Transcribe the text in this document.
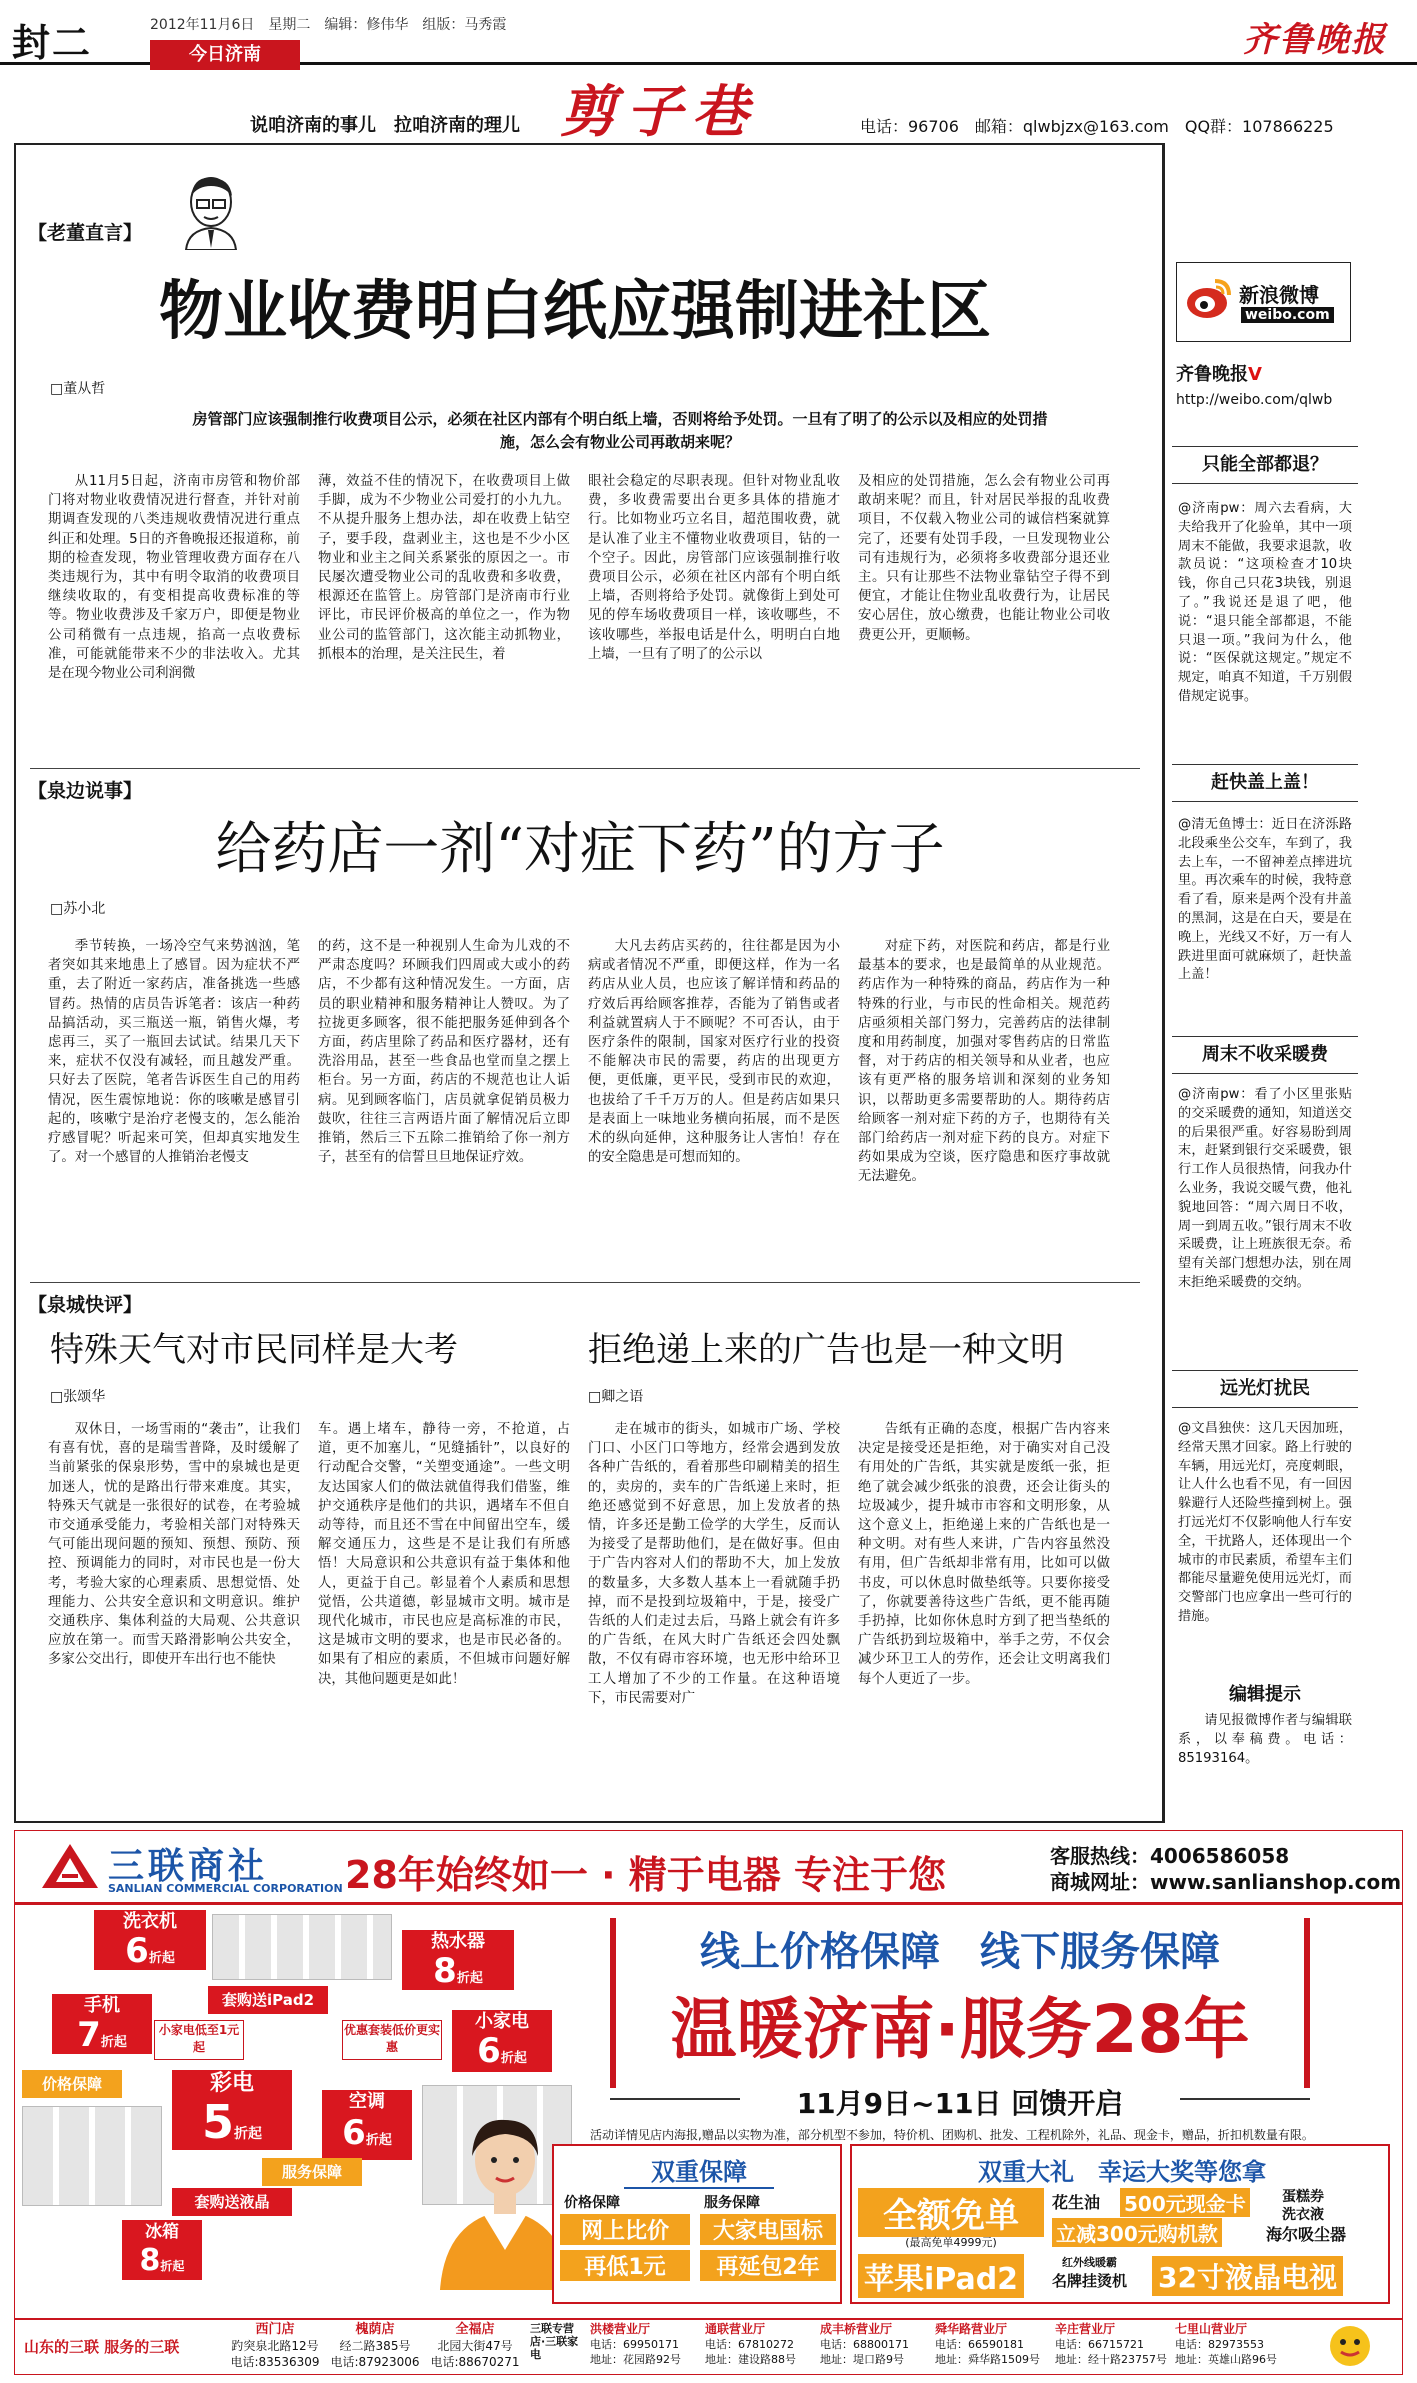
封二	2012年11月6日　星期二　编辑：修伟华　组版：马秀霞
今日济南	齐鲁晚报
说咱济南的事儿　拉咱济南的理儿 剪子巷	电话：96706　邮箱：qlwbjzx@163.com　QQ群：107866225
【老董直言】
物业收费明白纸应强制进社区
□董从哲
房管部门应该强制推行收费项目公示，必须在社区内部有个明白纸上墙，否则将给予处罚。一旦有了明了的公示以及相应的处罚措施，怎么会有物业公司再敢胡来呢？
从11月5日起，济南市房管和物价部门将对物业收费情况进行督查，并针对前期调查发现的八类违规收费情况进行重点纠正和处理。5日的齐鲁晚报还报道称，前期的检查发现，物业管理收费方面存在八类违规行为，其中有明令取消的收费项目继续收取的，有变相提高收费标准的等等。物业收费涉及千家万户，即便是物业公司稍微有一点违规，掐高一点收费标准，可能就能带来不少的非法收入。尤其是在现今物业公司利润微
薄，效益不佳的情况下，在收费项目上做手脚，成为不少物业公司爱打的小九九。不从提升服务上想办法，却在收费上钻空子，要手段，盘剥业主，这也是不少小区物业和业主之间关系紧张的原因之一。市民屡次遭受物业公司的乱收费和多收费，根源还在监管上。房管部门是济南市行业评比，市民评价极高的单位之一，作为物业公司的监管部门，这次能主动抓物业，抓根本的治理，是关注民生，着
眼社会稳定的尽职表现。但针对物业乱收费，多收费需要出台更多具体的措施才行。比如物业巧立名目，超范围收费，就是认准了业主不懂物业收费项目，钻的一个空子。因此，房管部门应该强制推行收费项目公示，必须在社区内部有个明白纸上墙，否则将给予处罚。就像街上到处可见的停车场收费项目一样，该收哪些，不该收哪些，举报电话是什么，明明白白地上墙，一旦有了明了的公示以
及相应的处罚措施，怎么会有物业公司再敢胡来呢？而且，针对居民举报的乱收费项目，不仅载入物业公司的诚信档案就算完了，还要有处罚手段，一旦发现物业公司有违规行为，必须将多收费部分退还业主。只有让那些不法物业靠钻空子得不到便宜，才能让住物业乱收费行为，让居民安心居住，放心缴费，也能让物业公司收费更公开，更顺畅。
【泉边说事】
给药店一剂“对症下药”的方子
□苏小北
季节转换，一场冷空气来势汹汹，笔者突如其来地患上了感冒。因为症状不严重，去了附近一家药店，准备挑选一些感冒药。热情的店员告诉笔者：该店一种药品搞活动，买三瓶送一瓶，销售火爆，考虑再三，买了一瓶回去试试。结果几天下来，症状不仅没有减轻，而且越发严重。只好去了医院，笔者告诉医生自己的用药情况，医生震惊地说：你的咳嗽是感冒引起的，咳嗽宁是治疗老慢支的，怎么能治疗感冒呢？听起来可笑，但却真实地发生了。对一个感冒的人推销治老慢支
的药，这不是一种视别人生命为儿戏的不严肃态度吗？环顾我们四周或大或小的药店，不少都有这种情况发生。一方面，店员的职业精神和服务精神让人赞叹。为了拉拢更多顾客，很不能把服务延伸到各个方面，药店里除了药品和医疗器材，还有洗浴用品，甚至一些食品也堂而皇之摆上柜台。另一方面，药店的不规范也让人诟病。见到顾客临门，店员就拿促销员极力鼓吹，往往三言两语片面了解情况后立即推销，然后三下五除二推销给了你一剂方子，甚至有的信誓旦旦地保证疗效。
大凡去药店买药的，往往都是因为小病或者情况不严重，即便这样，作为一名药店从业人员，也应该了解详情和药品的疗效后再给顾客推荐，否能为了销售或者利益就置病人于不顾呢？不可否认，由于医疗条件的限制，国家对医疗行业的投资不能解决市民的需要，药店的出现更方便，更低廉，更平民，受到市民的欢迎，也拔给了千千万万的人。但是药店如果只是表面上一味地业务横向拓展，而不是医术的纵向延伸，这种服务让人害怕！存在的安全隐患是可想而知的。
对症下药，对医院和药店，都是行业最基本的要求，也是最简单的从业规范。药店作为一种特殊的商品，药店作为一种特殊的行业，与市民的性命相关。规范药店亟须相关部门努力，完善药店的法律制度和用药制度，加强对零售药店的日常监督，对于药店的相关领导和从业者，也应该有更严格的服务培训和深刻的业务知识，以帮助更多需要帮助的人。期待药店给顾客一剂对症下药的方子，也期待有关部门给药店一剂对症下药的良方。对症下药如果成为空谈，医疗隐患和医疗事故就无法避免。
【泉城快评】
特殊天气对市民同样是大考
□张颂华
双休日，一场雪雨的“袭击”，让我们有喜有忧，喜的是瑞雪普降，及时缓解了当前紧张的保泉形势，雪中的泉城也是更加迷人，忧的是路出行带来难度。其实，特殊天气就是一张很好的试卷，在考验城市交通承受能力，考验相关部门对特殊天气可能出现问题的预知、预想、预防、预控、预调能力的同时，对市民也是一份大考，考验大家的心理素质、思想觉悟、处理能力、公共安全意识和文明意识。维护交通秩序、集体利益的大局观、公共意识应放在第一。而雪天路滑影响公共安全，多家公交出行，即使开车出行也不能快
车。遇上堵车，静待一旁，不抢道，占道，更不加塞儿，“见缝插针”，以良好的行动配合交警，“关塑变通途”。一些文明友达国家人们的做法就值得我们借鉴，维护交通秩序是他们的共识，遇堵车不但自动等待，而且还不雪在中间留出空车，缓解交通压力，这些是不是让我们有所感悟！大局意识和公共意识有益于集体和他人，更益于自己。彰显着个人素质和思想觉悟，公共道德，彰显城市文明。城市是现代化城市，市民也应是高标准的市民，这是城市文明的要求，也是市民必备的。如果有了相应的素质，不但城市问题好解决，其他问题更是如此！
拒绝递上来的广告也是一种文明
□卿之语
走在城市的街头，如城市广场、学校门口、小区门口等地方，经常会遇到发放各种广告纸的，看着那些印刷精美的招生的，卖房的，卖车的广告纸递上来时，拒绝还感觉到不好意思，加上发放者的热情，许多还是勤工俭学的大学生，反而认为接受了是帮助他们，是在做好事。但由于广告内容对人们的帮助不大，加上发放的数量多，大多数人基本上一看就随手扔掉，而不是投到垃圾箱中，于是，接受广告纸的人们走过去后，马路上就会有许多的广告纸，在风大时广告纸还会四处飘散，不仅有碍市容环境，也无形中给环卫工人增加了不少的工作量。在这种语境下，市民需要对广
告纸有正确的态度，根据广告内容来决定是接受还是拒绝，对于确实对自己没有用处的广告纸，其实就是废纸一张，拒绝了就会减少纸张的浪费，还会让街头的垃圾减少，提升城市市容和文明形象，从这个意义上，拒绝递上来的广告纸也是一种文明。对有些人来讲，广告内容虽然没有用，但广告纸却非常有用，比如可以做书皮，可以休息时做垫纸等。只要你接受了，你就要善待这些广告纸，更不能再随手扔掉，比如你休息时方到了把当垫纸的广告纸扔到垃圾箱中，举手之劳，不仅会减少环卫工人的劳作，还会让文明离我们每个人更近了一步。
新浪微博
weibo.com
齐鲁晚报V
http://weibo.com/qlwb
只能全部都退？
@济南pw：周六去看病，大夫给我开了化验单，其中一项周末不能做，我要求退款，收款员说：“这项检查才10块钱，你自己只花3块钱，别退了。”我说还是退了吧，他说：“退只能全部都退，不能只退一项。”我问为什么，他说：“医保就这规定。”规定不规定，咱真不知道，千万别假借规定说事。
赶快盖上盖！
@清无鱼博士：近日在济泺路北段乘坐公交车，车到了，我去上车，一不留神差点摔进坑里。再次乘车的时候，我特意看了看，原来是两个没有井盖的黑洞，这是在白天，要是在晚上，光线又不好，万一有人跌进里面可就麻烦了，赶快盖上盖！
周末不收采暖费
@济南pw：看了小区里张贴的交采暖费的通知，知道送交的后果很严重。好容易盼到周末，赶紧到银行交采暖费，银行工作人员很热情，问我办什么业务，我说交暖气费，他礼貌地回答：“周六周日不收，周一到周五收。”银行周末不收采暖费，让上班族很无奈。希望有关部门想想办法，别在周末拒绝采暖费的交纳。
远光灯扰民
@文昌独侠：这几天因加班，经常天黑才回家。路上行驶的车辆，用远光灯，亮度刺眼，让人什么也看不见，有一回因躲避行人还险些撞到树上。强打远光灯不仅影响他人行车安全，干扰路人，还体现出一个城市的市民素质，希望车主们都能尽量避免使用远光灯，而交警部门也应拿出一些可行的措施。
编辑提示
请见报微博作者与编辑联系，以奉稿费。电话：85193164。
三联商社
SANLIAN COMMERCIAL CORPORATION 28年始终如一 · 精于电器 专注于您	客服热线：4006586058
商城网址：www.sanlianshop.com
洗衣机
6折起
热水器
8折起
手机
7折起
小家电
6折起
彩电
5折起
空调
6折起
冰箱
8折起
套购送iPad2
小家电低至1元起
优惠套装低价更实惠
价格保障
服务保障
套购送液晶
线上价格保障　线下服务保障
温暖济南·服务28年
11月9日~11日 回馈开启
活动详情见店内海报,赠品以实物为准，部分机型不参加，特价机、团购机、批发、工程机除外，礼品、现金卡，赠品，折扣机数量有限。
双重保障
价格保障	服务保障
网上比价	大家电国标
再低1元	再延包2年
双重大礼　幸运大奖等您拿
全额免单
(最高免单4999元)
花生油 500元现金卡
立减300元购机款
蛋糕券
洗衣液
海尔吸尘器
苹果iPad2	红外线暖霸
名牌挂烫机 32寸液晶电视
山东的三联 服务的三联
西门店
趵突泉北路12号
电话:83536309
槐荫店
经二路385号
电话:87923006
全福店
北园大街47号
电话:88670271
三联专营店·三联家电
洪楼营业厅
电话：69950171
地址：花园路92号
通联营业厅
电话：67810272
地址：建设路88号
成丰桥营业厅
电话：68800171
地址：堤口路9号
舜华路营业厅
电话：66590181
地址：舜华路1509号
辛庄营业厅
电话：66715721
地址：经十路23757号
七里山营业厅
电话：82973553
地址：英雄山路96号
